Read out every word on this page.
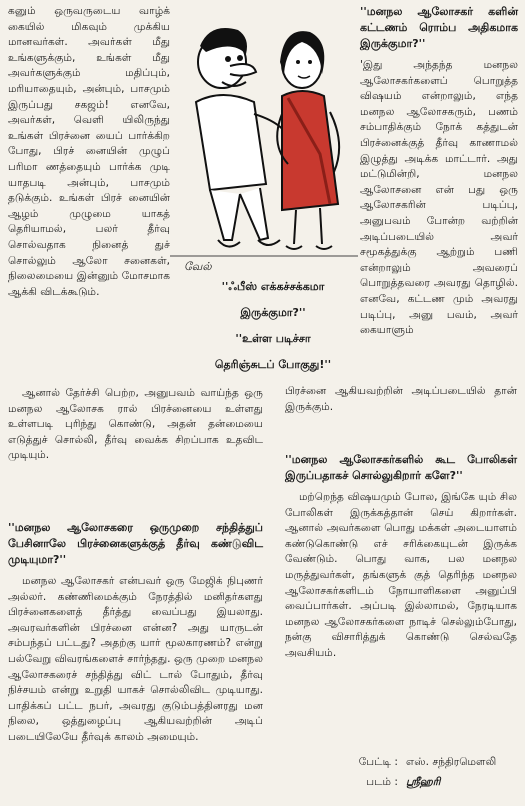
கனும் ஒருவருடைய வாழ்க் கையில் மிகவும் முக்கிய மானவர்கள். அவர்கள் மீது உங்களுக்கும், உங்கள் மீது அவர்களுக்கும் மதிப்பும், மரியாதையும், அன்பும், பாசமும் இருப்பது சகஜம்! எனவே, அவர்கள், வெளி யிலிருந்து உங்கள் பிரச்னை யைப் பார்க்கிற போது, பிரச் னையின் முழுப் பரிமா ணத்தையும் பார்க்க முடி யாதபடி அன்பும், பாசமும் தடுக்கும். உங்கள் பிரச் னையின் ஆழம் முழுமை யாகத் தெரியாமல், பலர் தீர்வு சொல்வதாக நினைத் துச் சொல்லும் ஆலோ சனைகள், நிலைமையை இன்னும் மோசமாக ஆக்கி விடக்கூடும்.

வேல்
''ஃபீஸ் எக்கச்சக்கமா
இருக்குமா?''
''உள்ள படிச்சா
தெரிஞ்சுடப் போகுது!''

''மனநல ஆலோசகர் களின் கட்டணம் ரொம்ப அதிகமாக இருக்குமா?''

'இது அந்தந்த மனநல ஆலோசகர்களைப் பொறுத்த விஷயம் என்றாலும், எந்த மனநல ஆலோசகரும், பணம் சம்பாதிக்கும் நோக் கத்துடன் பிரச்னைக்குத் தீர்வு காணாமல் இழுத்து அடிக்க மாட்டார். அது மட்டுமின்றி, மனநல ஆலோசனை என் பது ஒரு ஆலோசகரின் படிப்பு, அனுபவம் போன்ற வற்றின் அடிப்படையில் அவர் சமூகத்துக்கு ஆற்றும் பணி என்றாலும் அவரைப் பொறுத்தவரை அவரது தொழில். எனவே, கட்டண மும் அவரது படிப்பு, அனு பவம், அவர் கையாளும்

ஆனால் தேர்ச்சி பெற்ற, அனுபவம் வாய்ந்த ஒரு மனநல ஆலோசக ரால் பிரச்னையை உள்ளது உள்ளபடி புரிந்து கொண்டு, அதன் தன்மையை எடுத்துச் சொல்லி, தீர்வு வைக்க சிறப்பாக உதவிட முடியும்.

பிரச்னை ஆகியவற்றின் அடிப்படையில் தான் இருக்கும்.

''மனநல ஆலோசகரை ஒருமுறை சந்தித்துப் பேசினாலே பிரச்னைகளுக்குத் தீர்வு கண்டுவிட முடியுமா?''

மனநல ஆலோசகர் என்பவர் ஒரு மேஜிக் நிபுணர் அல்லர். கண்ணிமைக்கும் நேரத்தில் மனிதர்களது பிரச்னைகளைத் தீர்த்து வைப்பது இயலாது. அவரவர்களின் பிரச்னை என்ன? அது யாருடன் சம்பந்தப் பட்டது? அதற்கு யார் மூலகாரணம்? என்று பல்வேறு விவரங்களைச் சார்ந்தது. ஒரு முறை மனநல ஆலோசகரைச் சந்தித்து விட் டால் போதும், தீர்வு நிச்சயம் என்று உறுதி யாகச் சொல்லிவிட முடியாது. பாதிக்கப் பட்ட நபர், அவரது குடும்பத்தினரது மன நிலை, ஒத்துழைப்பு ஆகியவற்றின் அடிப் படையிலேயே தீர்வுக் காலம் அமையும்.

''மனநல ஆலோசகர்களில் கூட போலிகள் இருப்பதாகச் சொல்லுகிறார் களே?''

மற்றெந்த விஷயமும் போல, இங்கே யும் சில போலிகள் இருக்கத்தான் செய் கிறார்கள். ஆனால் அவர்களை பொது மக்கள் அடையாளம் கண்டுகொண்டு எச் சரிக்கையுடன் இருக்க வேண்டும். பொது வாக, பல மனநல மருத்துவர்கள், தங்களுக் குத் தெரிந்த மனநல ஆலோசகர்களிடம் நோயாளிகளை அனுப்பி வைப்பார்கள். அப்படி இல்லாமல், நேரடியாக மனநல ஆலோசகர்களை நாடிச் செல்லும்போது, நன்கு விசாரித்துக் கொண்டு செல்வதே அவசியம்.

பேட்டி : எஸ். சந்திரமௌலி
படம் : ஸ்ரீஹரி
